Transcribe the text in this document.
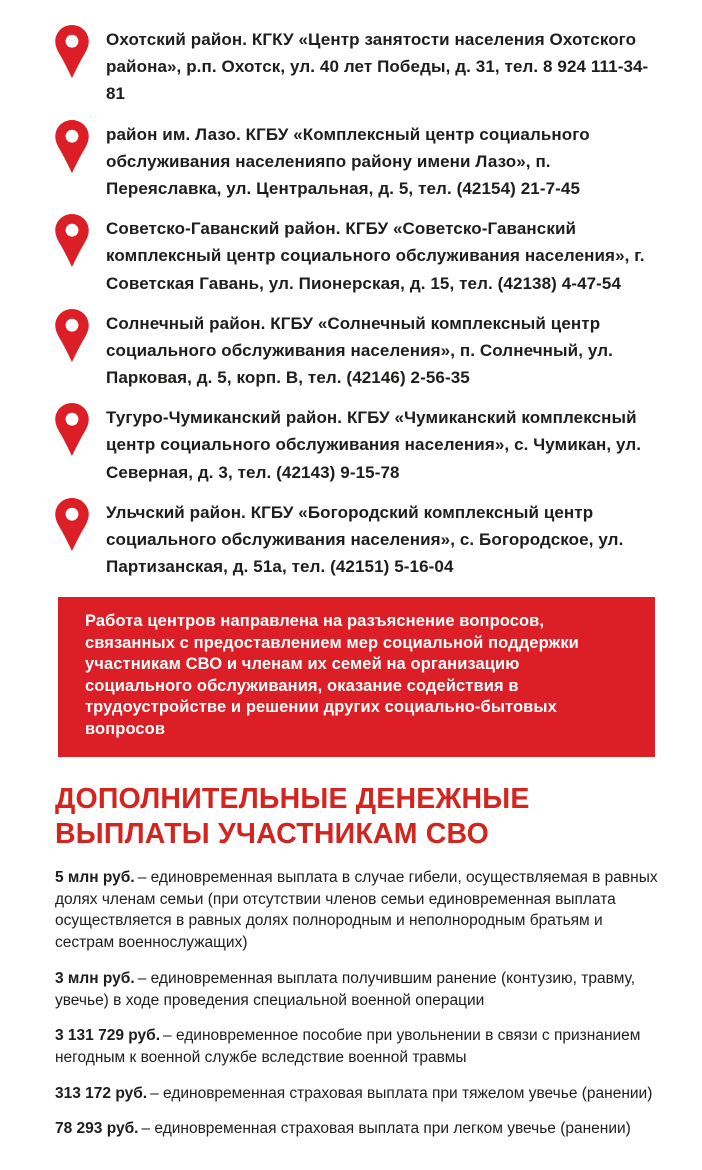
Охотский район. КГКУ «Центр занятости населения Охотского района», р.п. Охотск, ул. 40 лет Победы, д. 31, тел. 8 924 111-34-81

район им. Лазо. КГБУ «Комплексный центр социального обслуживания населенияпо району имени Лазо», п. Переяславка, ул. Центральная, д. 5, тел. (42154) 21-7-45

Советско-Гаванский район. КГБУ «Советско-Гаванский комплексный центр социального обслуживания населения», г. Советская Гавань, ул. Пионерская, д. 15, тел. (42138) 4-47-54

Солнечный район. КГБУ «Солнечный комплексный центр социального обслуживания населения», п. Солнечный, ул. Парковая, д. 5, корп. В, тел. (42146) 2-56-35

Тугуро-Чумиканский район. КГБУ «Чумиканский комплексный центр социального обслуживания населения», с. Чумикан, ул. Северная, д. 3, тел. (42143) 9-15-78

Ульчский район. КГБУ «Богородский комплексный центр социального обслуживания населения», с. Богородское, ул. Партизанская, д. 51а, тел. (42151) 5-16-04

Работа центров направлена на разъяснение вопросов, связанных с предоставлением мер социальной поддержки участникам СВО и членам их семей на организацию социального обслуживания, оказание содействия в трудоустройстве и решении других социально-бытовых вопросов

ДОПОЛНИТЕЛЬНЫЕ ДЕНЕЖНЫЕ ВЫПЛАТЫ УЧАСТНИКАМ СВО

5 млн руб. – единовременная выплата в случае гибели, осуществляемая в равных долях членам семьи (при отсутствии членов семьи единовременная выплата осуществляется в равных долях полнородным и неполнородным братьям и сестрам военнослужащих)

3 млн руб. – единовременная выплата получившим ранение (контузию, травму, увечье) в ходе проведения специальной военной операции

3 131 729 руб. – единовременное пособие при увольнении в связи с признанием негодным к военной службе вследствие военной травмы

313 172 руб. – единовременная страховая выплата при тяжелом увечье (ранении)

78 293 руб. – единовременная страховая выплата при легком увечье (ранении)
